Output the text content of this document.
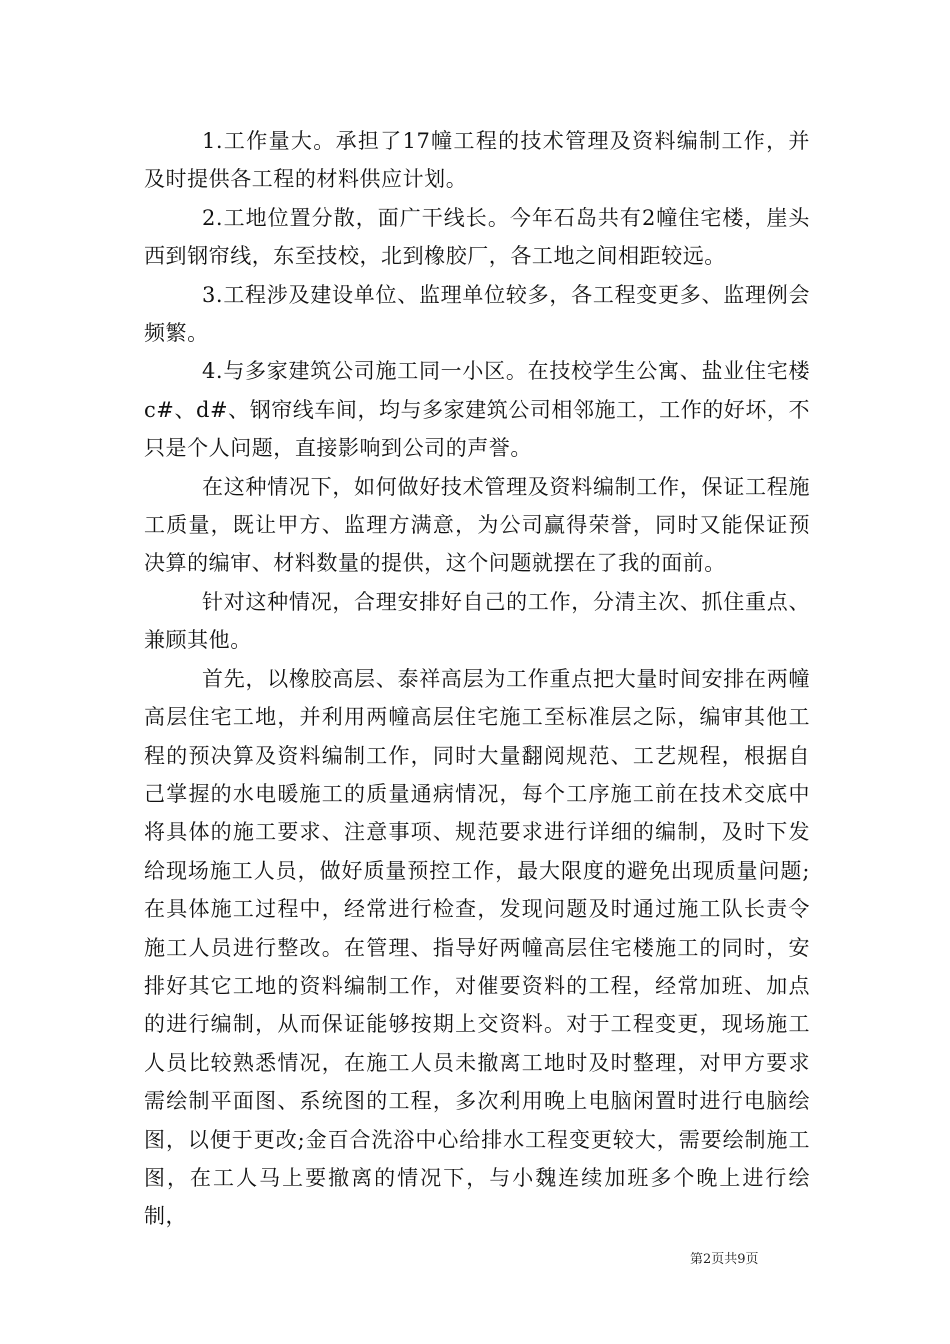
1.工作量大。承担了17幢工程的技术管理及资料编制工作，并及时提供各工程的材料供应计划。

2.工地位置分散，面广干线长。今年石岛共有2幢住宅楼，崖头西到钢帘线，东至技校，北到橡胶厂，各工地之间相距较远。

3.工程涉及建设单位、监理单位较多，各工程变更多、监理例会频繁。

4.与多家建筑公司施工同一小区。在技校学生公寓、盐业住宅楼c#、d#、钢帘线车间，均与多家建筑公司相邻施工，工作的好坏，不只是个人问题，直接影响到公司的声誉。

在这种情况下，如何做好技术管理及资料编制工作，保证工程施工质量，既让甲方、监理方满意，为公司赢得荣誉，同时又能保证预决算的编审、材料数量的提供，这个问题就摆在了我的面前。

针对这种情况，合理安排好自己的工作，分清主次、抓住重点、兼顾其他。

首先，以橡胶高层、泰祥高层为工作重点把大量时间安排在两幢高层住宅工地，并利用两幢高层住宅施工至标准层之际，编审其他工程的预决算及资料编制工作，同时大量翻阅规范、工艺规程，根据自己掌握的水电暖施工的质量通病情况，每个工序施工前在技术交底中将具体的施工要求、注意事项、规范要求进行详细的编制，及时下发给现场施工人员，做好质量预控工作，最大限度的避免出现质量问题;在具体施工过程中，经常进行检查，发现问题及时通过施工队长责令施工人员进行整改。在管理、指导好两幢高层住宅楼施工的同时，安排好其它工地的资料编制工作，对催要资料的工程，经常加班、加点的进行编制，从而保证能够按期上交资料。对于工程变更，现场施工人员比较熟悉情况，在施工人员未撤离工地时及时整理，对甲方要求需绘制平面图、系统图的工程，多次利用晚上电脑闲置时进行电脑绘图，以便于更改;金百合洗浴中心给排水工程变更较大，需要绘制施工图，在工人马上要撤离的情况下，与小魏连续加班多个晚上进行绘制，

第2页共9页
